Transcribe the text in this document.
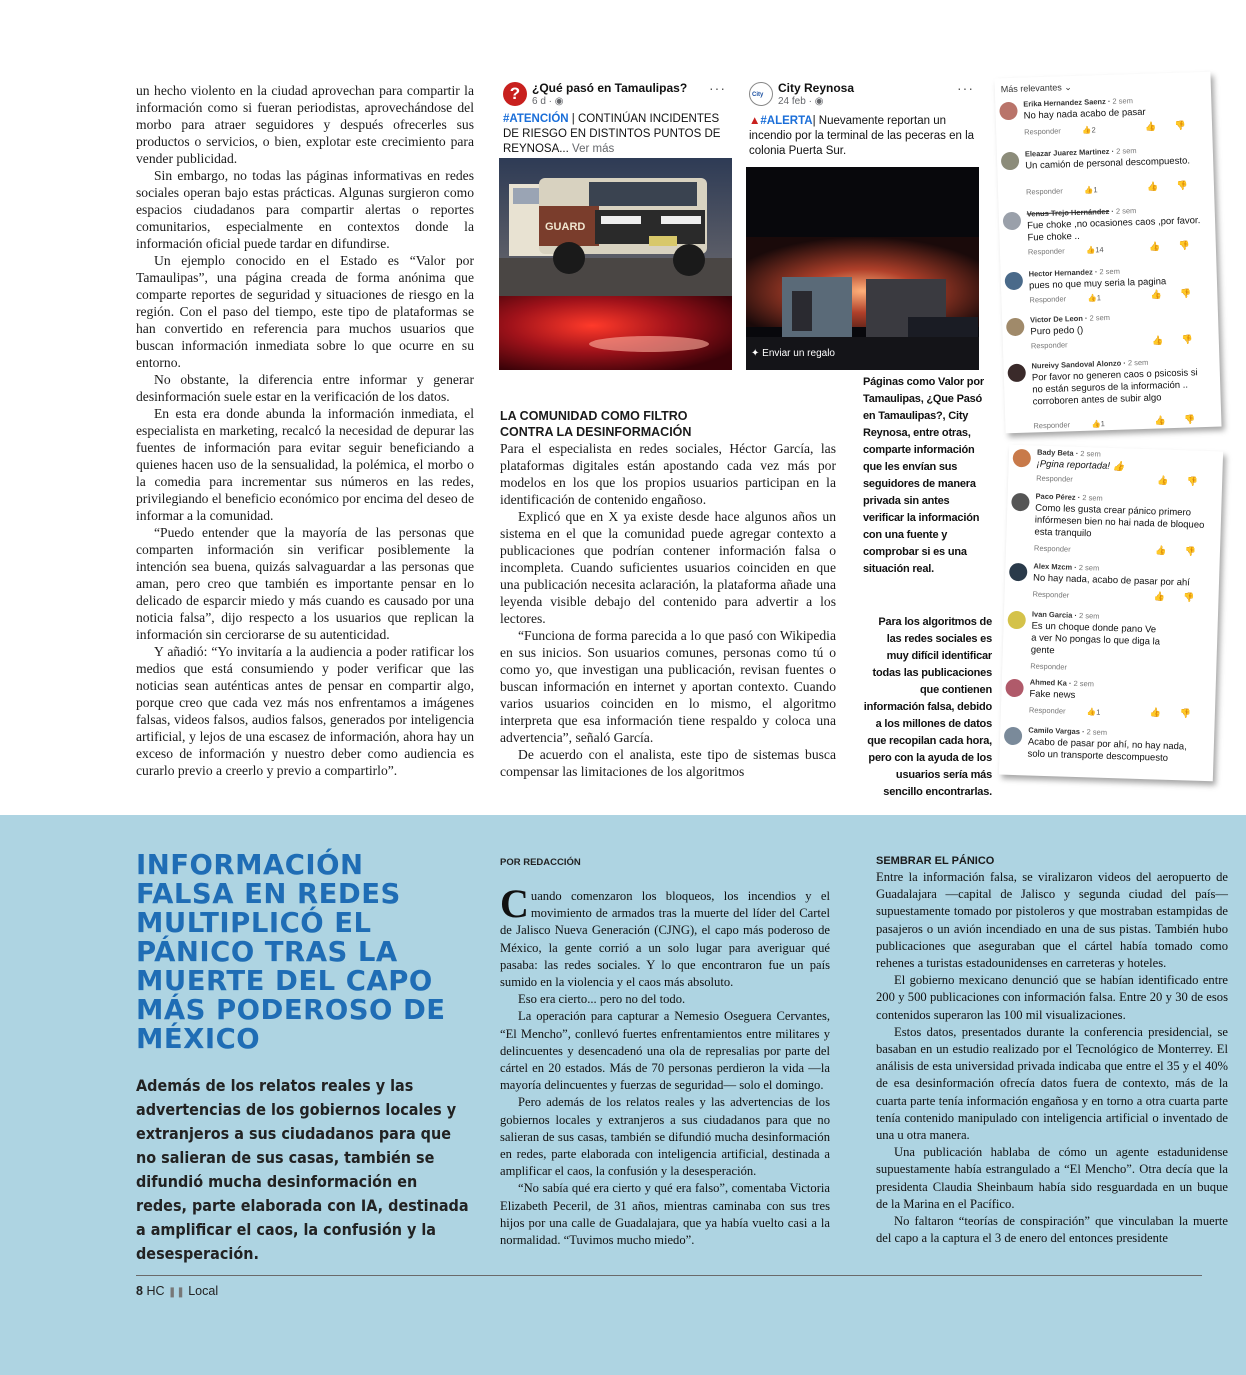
un hecho violento en la ciudad aprovechan para compartir la información como si fueran periodistas, aprovechándose del morbo para atraer seguidores y después ofrecerles sus productos o servicios, o bien, explotar este crecimiento para vender publicidad.

Sin embargo, no todas las páginas informativas en redes sociales operan bajo estas prácticas. Algunas surgieron como espacios ciudadanos para compartir alertas o reportes comunitarios, especialmente en contextos donde la información oficial puede tardar en difundirse.

Un ejemplo conocido en el Estado es “Valor por Tamaulipas”, una página creada de forma anónima que comparte reportes de seguridad y situaciones de riesgo en la región. Con el paso del tiempo, este tipo de plataformas se han convertido en referencia para muchos usuarios que buscan información inmediata sobre lo que ocurre en su entorno.

No obstante, la diferencia entre informar y generar desinformación suele estar en la verificación de los datos.

En esta era donde abunda la información inmediata, el especialista en marketing, recalcó la necesidad de depurar las fuentes de información para evitar seguir beneficiando a quienes hacen uso de la sensualidad, la polémica, el morbo o la comedia para incrementar sus números en las redes, privilegiando el beneficio económico por encima del deseo de informar a la comunidad.

“Puedo entender que la mayoría de las personas que comparten información sin verificar posiblemente la intención sea buena, quizás salvaguardar a las personas que aman, pero creo que también es importante pensar en lo delicado de esparcir miedo y más cuando es causado por una noticia falsa”, dijo respecto a los usuarios que replican la información sin cerciorarse de su autenticidad.

Y añadió: “Yo invitaría a la audiencia a poder ratificar los medios que está consumiendo y poder verificar que las noticias sean auténticas antes de pensar en compartir algo, porque creo que cada vez más nos enfrentamos a imágenes falsas, videos falsos, audios falsos, generados por inteligencia artificial, y lejos de una escasez de información, ahora hay un exceso de información y nuestro deber como audiencia es curarlo previo a creerlo y previo a compartirlo”.

? ¿Qué pasó en Tamaulipas?
6 d · ◉
···
#ATENCIÓN | CONTINÚAN INCIDENTES DE RIESGO EN DISTINTOS PUNTOS DE REYNOSA... Ver más
GUARD
City City Reynosa
24 feb · ◉
···
▲#ALERTA| Nuevamente reportan un incendio por la terminal de las peceras en la colonia Puerta Sur.
✦ Enviar un regalo
Páginas como Valor por Tamaulipas, ¿Que Pasó en Tamaulipas?, City Reynosa, entre otras, comparte información que les envían sus seguidores de manera privada sin antes verificar la información con una fuente y comprobar si es una situación real.
Para los algoritmos de las redes sociales es muy difícil identificar todas las publicaciones que contienen información falsa, debido a los millones de datos que recopilan cada hora, pero con la ayuda de los usuarios sería más sencillo encontrarlas.
LA COMUNIDAD COMO FILTRO
CONTRA LA DESINFORMACIÓN

Para el especialista en redes sociales, Héctor García, las plataformas digitales están apostando cada vez más por modelos en los que los propios usuarios participan en la identificación de contenido engañoso.

Explicó que en X ya existe desde hace algunos años un sistema en el que la comunidad puede agregar contexto a publicaciones que podrían contener información falsa o incompleta. Cuando suficientes usuarios coinciden en que una publicación necesita aclaración, la plataforma añade una leyenda visible debajo del contenido para advertir a los lectores.

“Funciona de forma parecida a lo que pasó con Wikipedia en sus inicios. Son usuarios comunes, personas como tú o como yo, que investigan una publicación, revisan fuentes o buscan información en internet y aportan contexto. Cuando varios usuarios coinciden en lo mismo, el algoritmo interpreta que esa información tiene respaldo y coloca una advertencia”, señaló García.

De acuerdo con el analista, este tipo de sistemas busca compensar las limitaciones de los algoritmos

Más relevantes ⌄
Erika Hernandez Saenz · 2 sem
No hay nada acabo de pasar
Responder	👍2	👍 👎
Eleazar Juarez Martinez · 2 sem
Un camión de personal descompuesto.
Responder	👍1	👍 👎
Venus Trejo Hernández · 2 sem
Fue choke ,no ocasiones caos ,por favor. Fue choke ..
Responder	👍14	👍 👎
Hector Hernandez · 2 sem
pues no que muy seria la pagina
Responder	👍1	👍 👎
Victor De Leon · 2 sem
Puro pedo ()
Responder	👍 👎
Nureivy Sandoval Alonzo · 2 sem
Por favor no generen caos o psicosis si no están seguros de la información .. corroboren antes de subir algo
Responder	👍1	👍 👎
Bady Beta · 2 sem
¡Pgina reportada! 👍
Responder	👍 👎
Paco Pérez · 2 sem
Como les gusta crear pánico primero infórmesen bien no hai nada de bloqueo esta tranquilo
Responder	👍 👎
Alex Mzcm · 2 sem
No hay nada, acabo de pasar por ahí
Responder	👍 👎
Ivan Garcia · 2 sem
Es un choque donde pano Ve a ver No pongas lo que diga la gente
Responder
Ahmed Ka · 2 sem
Fake news
Responder	👍1	👍 👎
Camilo Vargas · 2 sem
Acabo de pasar por ahí, no hay nada, solo un transporte descompuesto
INFORMACIÓN FALSA EN REDES MULTIPLICÓ EL PÁNICO TRAS LA MUERTE DEL CAPO MÁS PODEROSO DE MÉXICO
Además de los relatos reales y las advertencias de los gobiernos locales y extranjeros a sus ciudadanos para que no salieran de sus casas, también se difundió mucha desinformación en redes, parte elaborada con IA, destinada a amplificar el caos, la confusión y la desesperación.
POR REDACCIÓN

Cuando comenzaron los bloqueos, los incendios y el movimiento de armados tras la muerte del líder del Cartel de Jalisco Nueva Generación (CJNG), el capo más poderoso de México, la gente corrió a un solo lugar para averiguar qué pasaba: las redes sociales. Y lo que encontraron fue un país sumido en la violencia y el caos más absoluto.

Eso era cierto... pero no del todo.

La operación para capturar a Nemesio Oseguera Cervantes, “El Mencho”, conllevó fuertes enfrentamientos entre militares y delincuentes y desencadenó una ola de represalias por parte del cártel en 20 estados. Más de 70 personas perdieron la vida —la mayoría delincuentes y fuerzas de seguridad— solo el domingo.

Pero además de los relatos reales y las advertencias de los gobiernos locales y extranjeros a sus ciudadanos para que no salieran de sus casas, también se difundió mucha desinformación en redes, parte elaborada con inteligencia artificial, destinada a amplificar el caos, la confusión y la desesperación.

“No sabía qué era cierto y qué era falso”, comentaba Victoria Elizabeth Peceril, de 31 años, mientras caminaba con sus tres hijos por una calle de Guadalajara, que ya había vuelto casi a la normalidad. “Tuvimos mucho miedo”.

SEMBRAR EL PÁNICO

Entre la información falsa, se viralizaron videos del aeropuerto de Guadalajara —capital de Jalisco y segunda ciudad del país— supuestamente tomado por pistoleros y que mostraban estampidas de pasajeros o un avión incendiado en una de sus pistas. También hubo publicaciones que aseguraban que el cártel había tomado como rehenes a turistas estadounidenses en carreteras y hoteles.

El gobierno mexicano denunció que se habían identificado entre 200 y 500 publicaciones con información falsa. Entre 20 y 30 de esos contenidos superaron las 100 mil visualizaciones.

Estos datos, presentados durante la conferencia presidencial, se basaban en un estudio realizado por el Tecnológico de Monterrey. El análisis de esta universidad privada indicaba que entre el 35 y el 40% de esa desinformación ofrecía datos fuera de contexto, más de la cuarta parte tenía información engañosa y en torno a otra cuarta parte tenía contenido manipulado con inteligencia artificial o inventado de una u otra manera.

Una publicación hablaba de cómo un agente estadunidense supuestamente había estrangulado a “El Mencho”. Otra decía que la presidenta Claudia Sheinbaum había sido resguardada en un buque de la Marina en el Pacífico.

No faltaron “teorías de conspiración” que vinculaban la muerte del capo a la captura el 3 de enero del entonces presidente

8 HC ❚❚ Local
